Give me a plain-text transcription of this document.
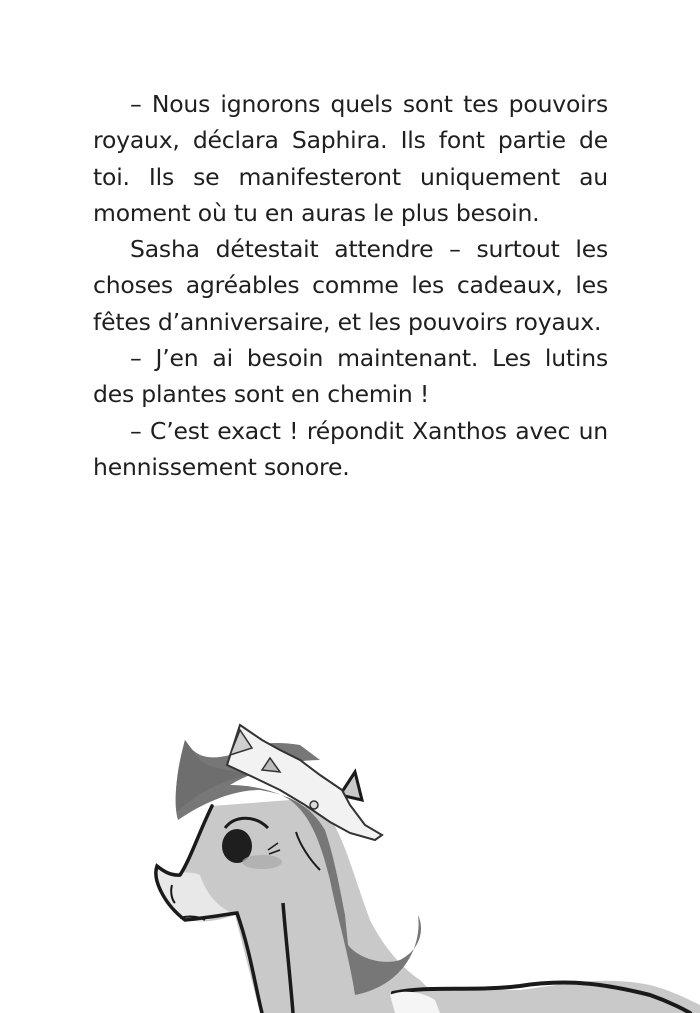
– Nous ignorons quels sont tes pouvoirs royaux, déclara Saphira. Ils font partie de toi. Ils se manifesteront uniquement au moment où tu en auras le plus besoin.

Sasha détestait attendre – surtout les choses agréables comme les cadeaux, les fêtes d’anniversaire, et les pouvoirs royaux.

– J’en ai besoin maintenant. Les lutins des plantes sont en chemin !

– C’est exact ! répondit Xanthos avec un hennissement sonore.
